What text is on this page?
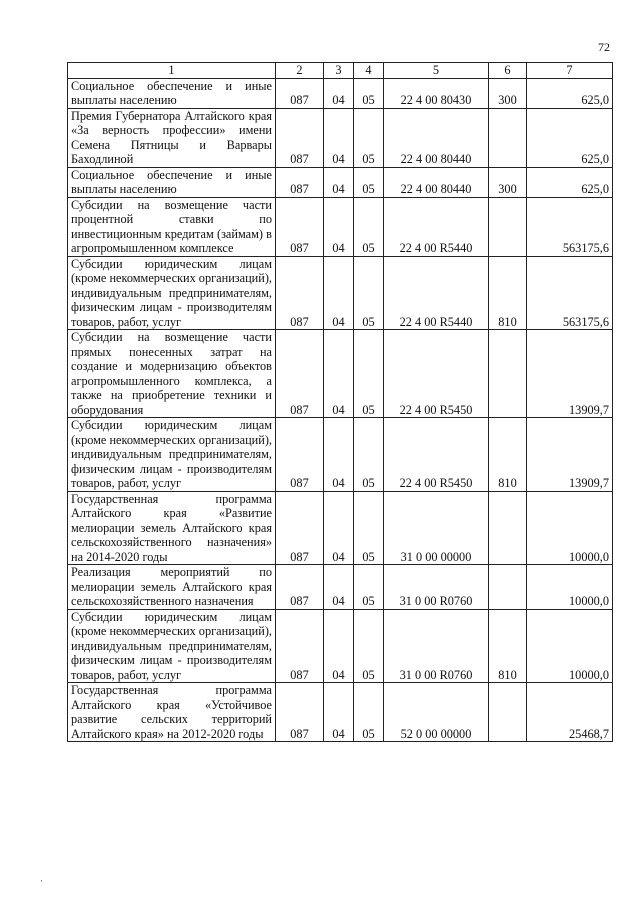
72
1	2	3	4	5	6	7
Социальное обеспечение и иные выплаты населению	087	04	05	22 4 00 80430	300	625,0
Премия Губернатора Алтайского края «За верность профессии» имени Семена Пятницы и Варвары Баходлиной	087	04	05	22 4 00 80440		625,0
Социальное обеспечение и иные выплаты населению	087	04	05	22 4 00 80440	300	625,0
Субсидии на возмещение части процентной ставки по инвестиционным кредитам (займам) в агропромышленном комплексе	087	04	05	22 4 00 R5440		563175,6
Субсидии юридическим лицам (кроме некоммерческих организаций), индивидуальным предпринимателям, физическим лицам - производителям товаров, работ, услуг	087	04	05	22 4 00 R5440	810	563175,6
Субсидии на возмещение части прямых понесенных затрат на создание и модернизацию объектов агропромышленного комплекса, а также на приобретение техники и оборудования	087	04	05	22 4 00 R5450		13909,7
Субсидии юридическим лицам (кроме некоммерческих организаций), индивидуальным предпринимателям, физическим лицам - производителям товаров, работ, услуг	087	04	05	22 4 00 R5450	810	13909,7
Государственная программа Алтайского края «Развитие мелиорации земель Алтайского края сельскохозяйственного назначения» на 2014-2020 годы	087	04	05	31 0 00 00000		10000,0
Реализация мероприятий по мелиорации земель Алтайского края сельскохозяйственного назначения	087	04	05	31 0 00 R0760		10000,0
Субсидии юридическим лицам (кроме некоммерческих организаций), индивидуальным предпринимателям, физическим лицам - производителям товаров, работ, услуг	087	04	05	31 0 00 R0760	810	10000,0
Государственная программа Алтайского края «Устойчивое развитие сельских территорий Алтайского края» на 2012-2020 годы	087	04	05	52 0 00 00000		25468,7
·
